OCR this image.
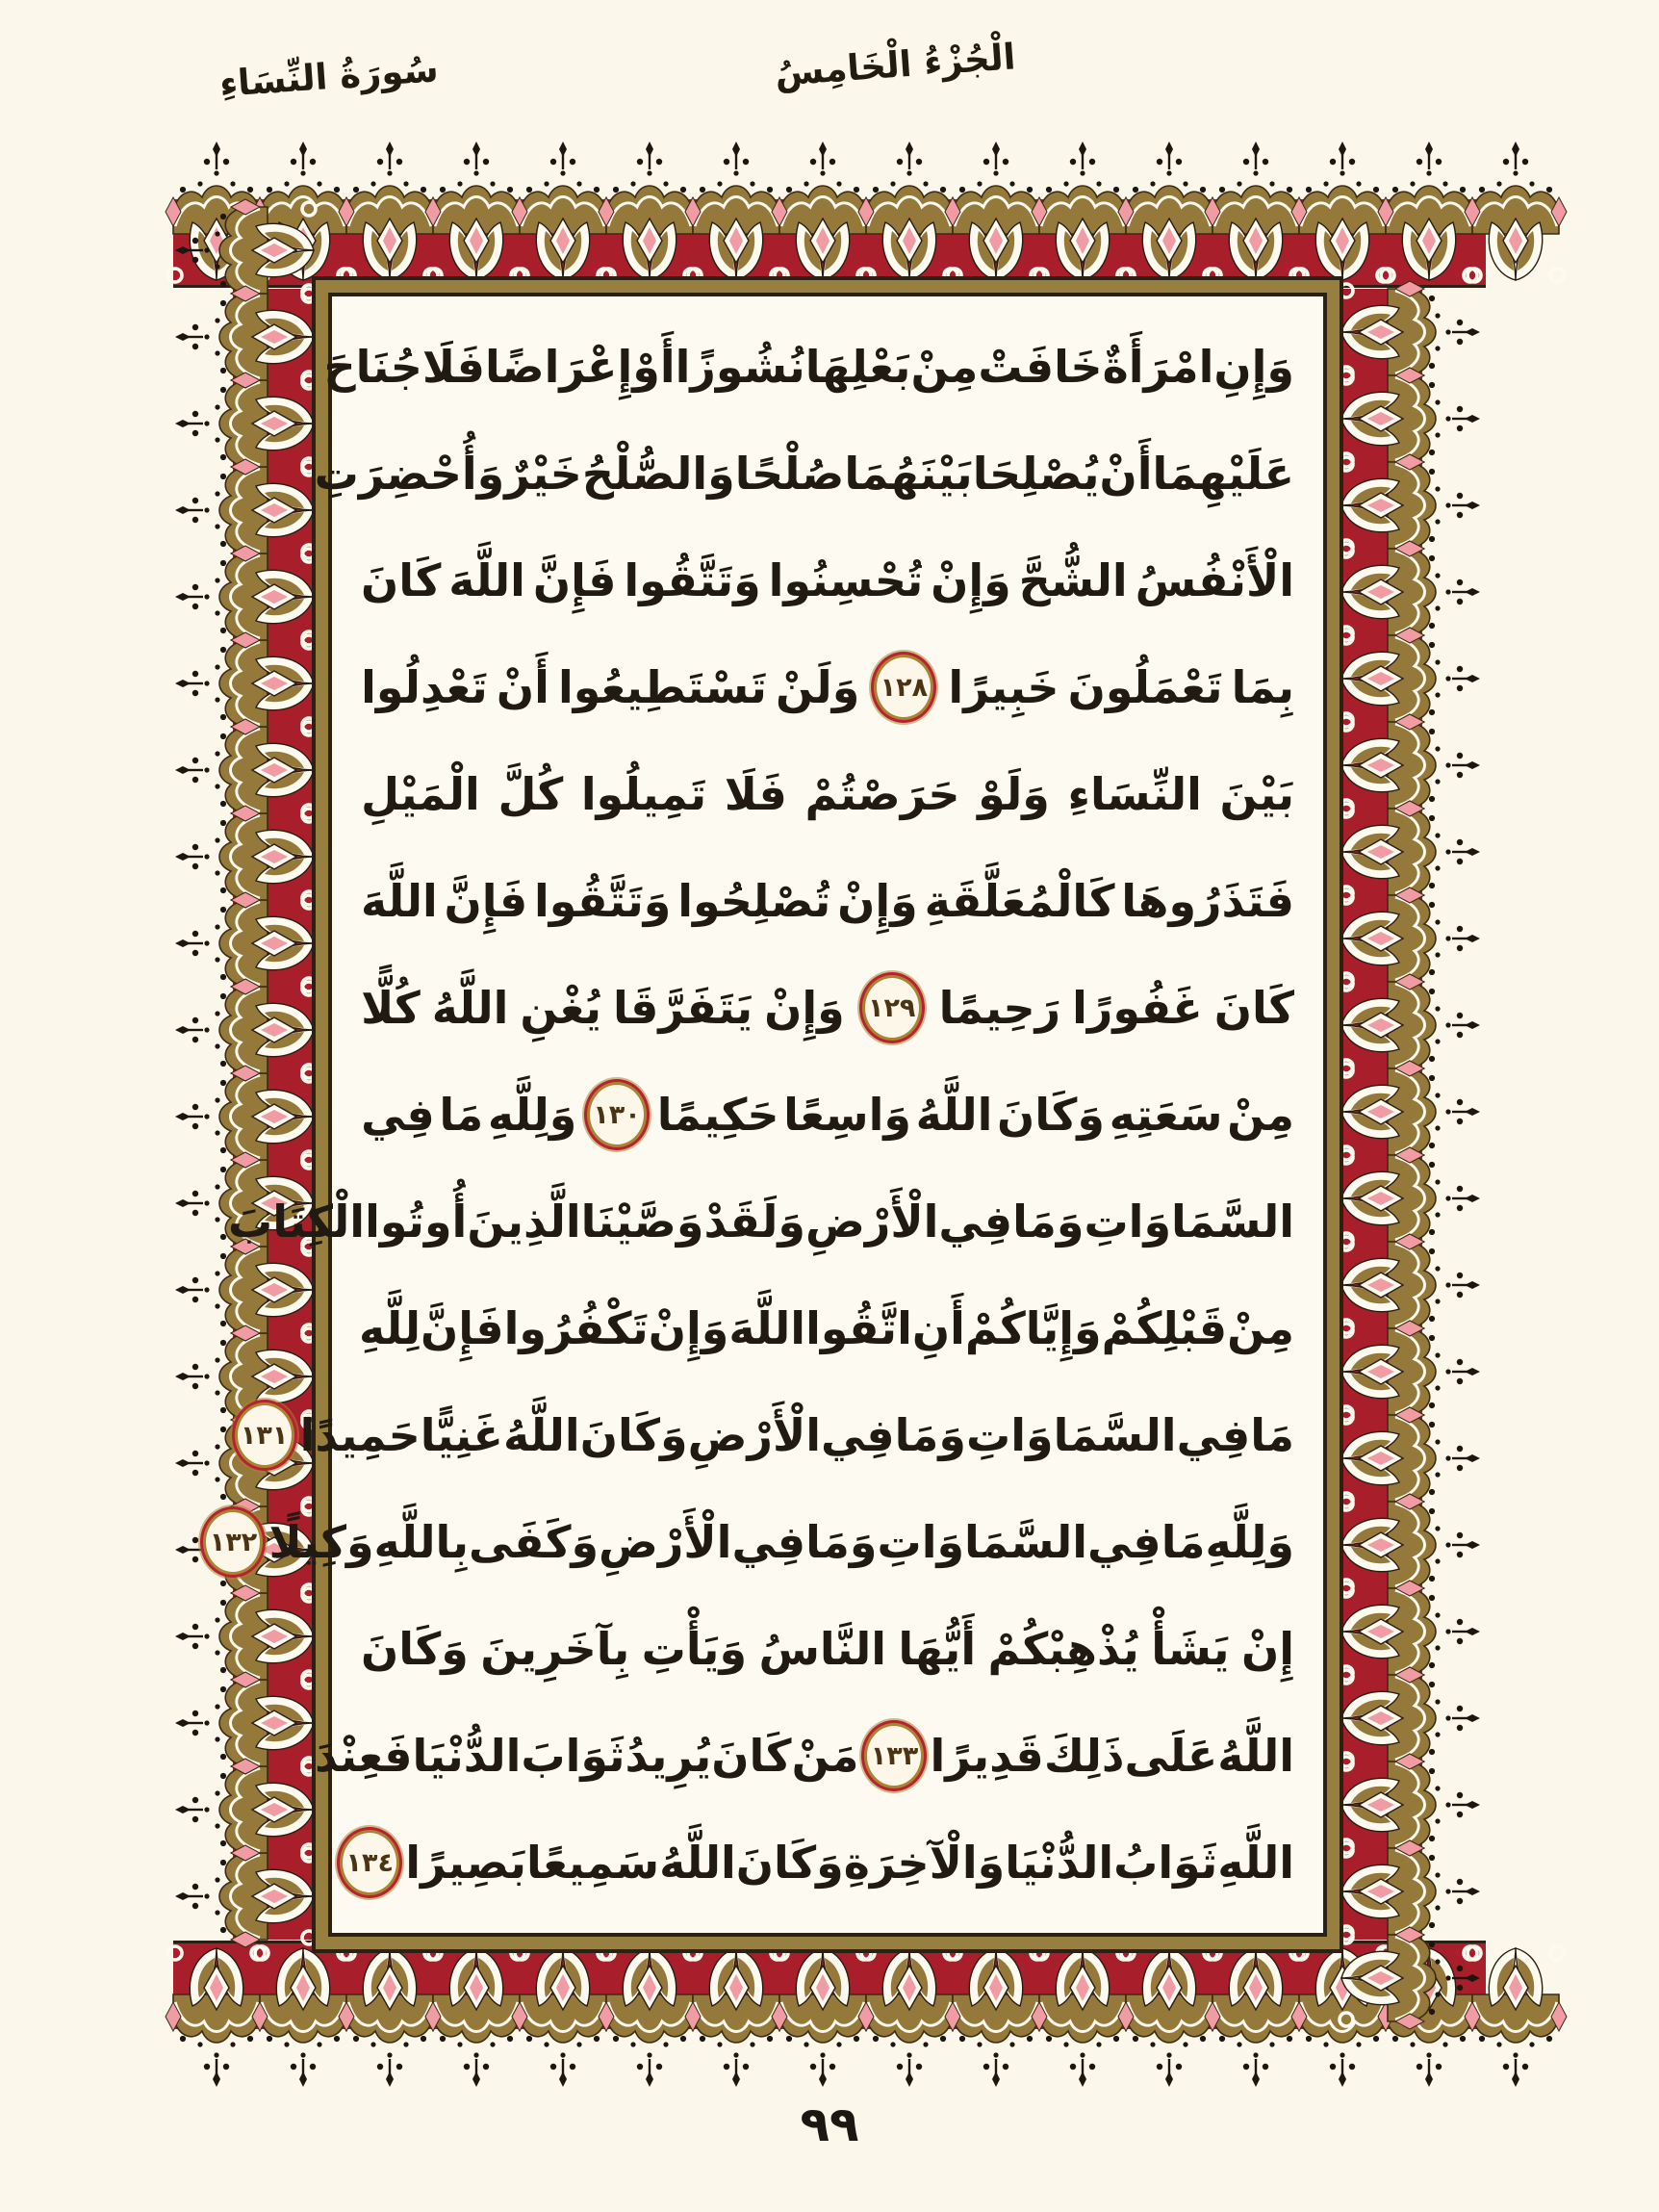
سُورَةُ النِّسَاءِ	الْجُزْءُ الْخَامِسُ
وَإِنِ
امْرَأَةٌ
خَافَتْ
مِنْ
بَعْلِهَا
نُشُوزًا
أَوْ
إِعْرَاضًا
فَلَا
جُنَاحَ
عَلَيْهِمَا
أَنْ
يُصْلِحَا
بَيْنَهُمَا
صُلْحًا
وَالصُّلْحُ
خَيْرٌ
وَأُحْضِرَتِ
الْأَنْفُسُ
الشُّحَّ
وَإِنْ
تُحْسِنُوا
وَتَتَّقُوا
فَإِنَّ
اللَّهَ
كَانَ
بِمَا
تَعْمَلُونَ
خَبِيرًا
١٢٨
وَلَنْ
تَسْتَطِيعُوا
أَنْ
تَعْدِلُوا
بَيْنَ
النِّسَاءِ
وَلَوْ
حَرَصْتُمْ
فَلَا
تَمِيلُوا
كُلَّ
الْمَيْلِ
فَتَذَرُوهَا
كَالْمُعَلَّقَةِ
وَإِنْ
تُصْلِحُوا
وَتَتَّقُوا
فَإِنَّ
اللَّهَ
كَانَ
غَفُورًا
رَحِيمًا
١٢٩
وَإِنْ
يَتَفَرَّقَا
يُغْنِ
اللَّهُ
كُلًّا
مِنْ
سَعَتِهِ
وَكَانَ
اللَّهُ
وَاسِعًا
حَكِيمًا
١٣٠
وَلِلَّهِ
مَا
فِي
السَّمَاوَاتِ
وَمَا
فِي
الْأَرْضِ
وَلَقَدْ
وَصَّيْنَا
الَّذِينَ
أُوتُوا
الْكِتَابَ
مِنْ
قَبْلِكُمْ
وَإِيَّاكُمْ
أَنِ
اتَّقُوا
اللَّهَ
وَإِنْ
تَكْفُرُوا
فَإِنَّ
لِلَّهِ
مَا
فِي
السَّمَاوَاتِ
وَمَا
فِي
الْأَرْضِ
وَكَانَ
اللَّهُ
غَنِيًّا
حَمِيدًا
١٣١
وَلِلَّهِ
مَا
فِي
السَّمَاوَاتِ
وَمَا
فِي
الْأَرْضِ
وَكَفَى
بِاللَّهِ
وَكِيلًا
١٣٢
إِنْ
يَشَأْ
يُذْهِبْكُمْ
أَيُّهَا
النَّاسُ
وَيَأْتِ
بِآخَرِينَ
وَكَانَ
اللَّهُ
عَلَى
ذَلِكَ
قَدِيرًا
١٣٣
مَنْ
كَانَ
يُرِيدُ
ثَوَابَ
الدُّنْيَا
فَعِنْدَ
اللَّهِ
ثَوَابُ
الدُّنْيَا
وَالْآخِرَةِ
وَكَانَ
اللَّهُ
سَمِيعًا
بَصِيرًا
١٣٤
٩٩
